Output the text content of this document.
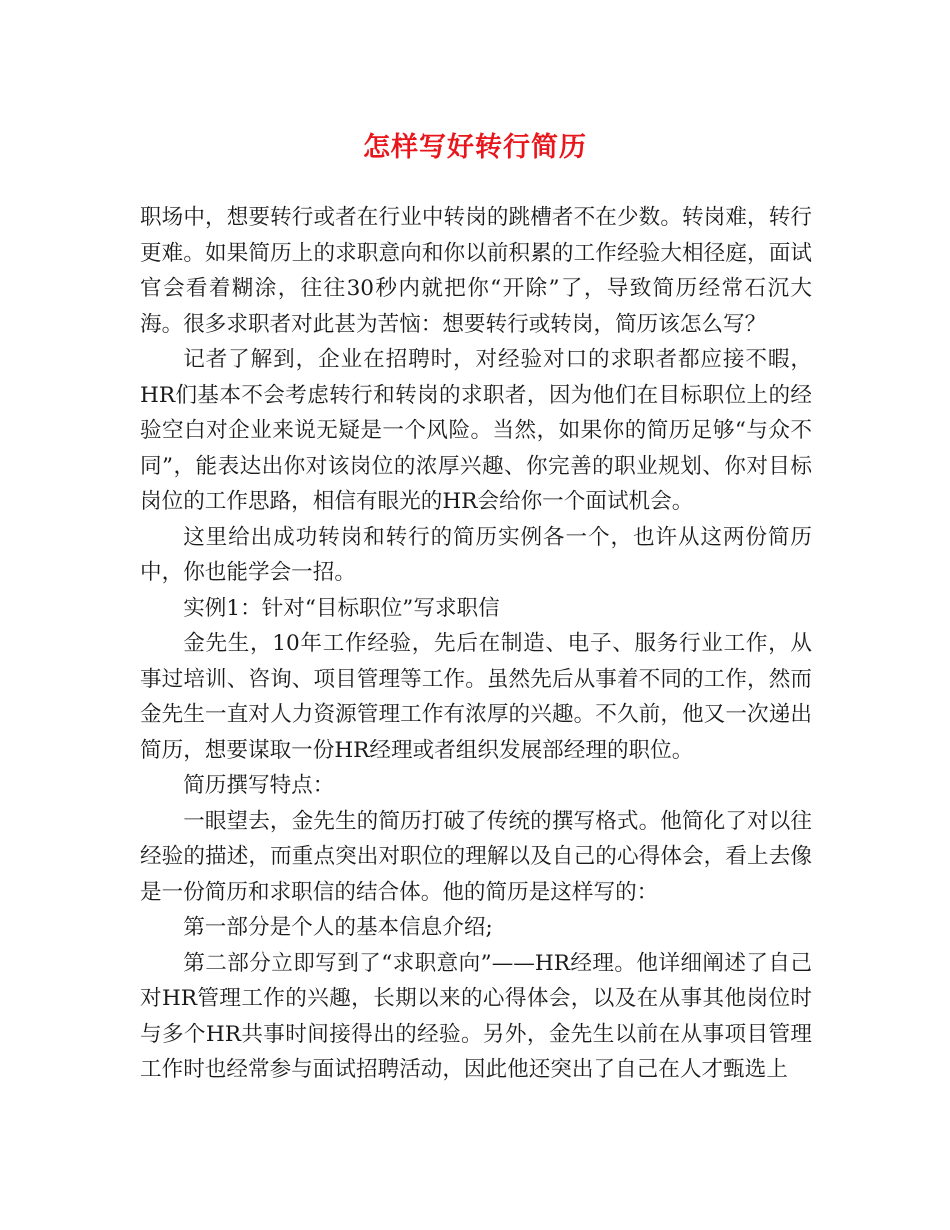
怎样写好转行简历

职场中，想要转行或者在行业中转岗的跳槽者不在少数。转岗难，转行更难。如果简历上的求职意向和你以前积累的工作经验大相径庭，面试官会看着糊涂，往往30秒内就把你“开除”了，导致简历经常石沉大海。很多求职者对此甚为苦恼：想要转行或转岗，简历该怎么写？

记者了解到，企业在招聘时，对经验对口的求职者都应接不暇，HR们基本不会考虑转行和转岗的求职者，因为他们在目标职位上的经验空白对企业来说无疑是一个风险。当然，如果你的简历足够“与众不同”，能表达出你对该岗位的浓厚兴趣、你完善的职业规划、你对目标岗位的工作思路，相信有眼光的HR会给你一个面试机会。

这里给出成功转岗和转行的简历实例各一个，也许从这两份简历中，你也能学会一招。

实例1：针对“目标职位”写求职信

金先生，10年工作经验，先后在制造、电子、服务行业工作，从事过培训、咨询、项目管理等工作。虽然先后从事着不同的工作，然而金先生一直对人力资源管理工作有浓厚的兴趣。不久前，他又一次递出简历，想要谋取一份HR经理或者组织发展部经理的职位。

简历撰写特点：

一眼望去，金先生的简历打破了传统的撰写格式。他简化了对以往经验的描述，而重点突出对职位的理解以及自己的心得体会，看上去像是一份简历和求职信的结合体。他的简历是这样写的：

第一部分是个人的基本信息介绍;

第二部分立即写到了“求职意向”——HR经理。他详细阐述了自己对HR管理工作的兴趣，长期以来的心得体会，以及在从事其他岗位时与多个HR共事时间接得出的经验。另外，金先生以前在从事项目管理工作时也经常参与面试招聘活动，因此他还突出了自己在人才甄选上
